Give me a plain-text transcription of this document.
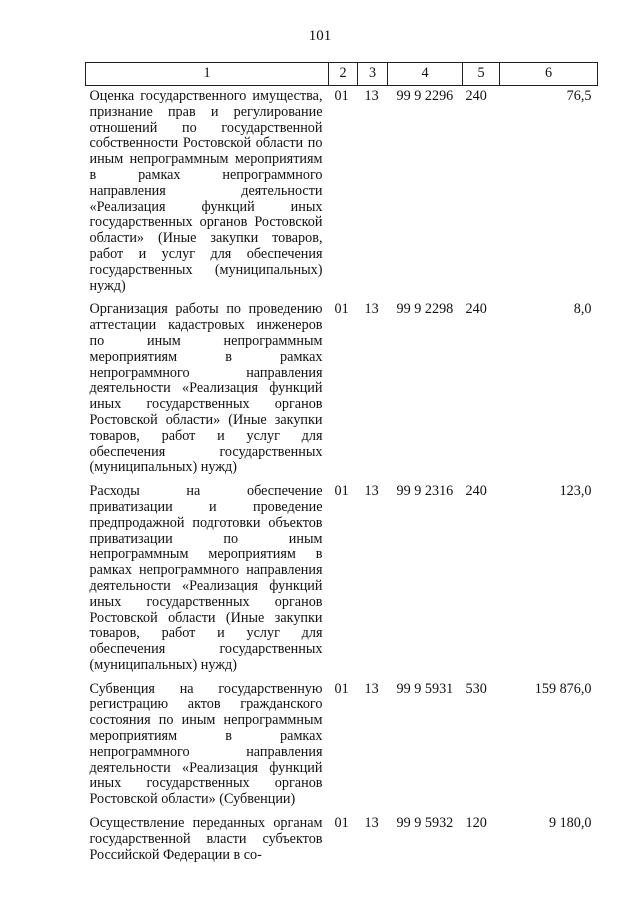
101
1	2	3	4	5	6
Оценка государственного имущества, признание прав и регулирование отношений по государственной собственности Ростовской области по иным непрограммным мероприятиям в рамках непрограммного направления деятельности «Реализация функций иных государственных органов Ростовской области» (Иные закупки товаров, работ и услуг для обеспечения государственных (муниципальных) нужд)	01	13	99 9 2296	240	76,5
Организация работы по проведению аттестации кадастровых инженеров по иным непрограммным мероприятиям в рамках непрограммного направления деятельности «Реализация функций иных государственных органов Ростовской области» (Иные закупки товаров, работ и услуг для обеспечения государственных (муниципальных) нужд)	01	13	99 9 2298	240	8,0
Расходы на обеспечение приватизации и проведение предпродажной подготовки объектов приватизации по иным непрограммным мероприятиям в рамках непрограммного направления деятельности «Реализация функций иных государственных органов Ростовской области (Иные закупки товаров, работ и услуг для обеспечения государственных (муниципальных) нужд)	01	13	99 9 2316	240	123,0
Субвенция на государственную регистрацию актов гражданского состояния по иным непрограммным мероприятиям в рамках непрограммного направления деятельности «Реализация функций иных государственных органов Ростовской области» (Субвенции)	01	13	99 9 5931	530	159 876,0
Осуществление переданных органам государственной власти субъектов Российской Федерации в со-	01	13	99 9 5932	120	9 180,0
